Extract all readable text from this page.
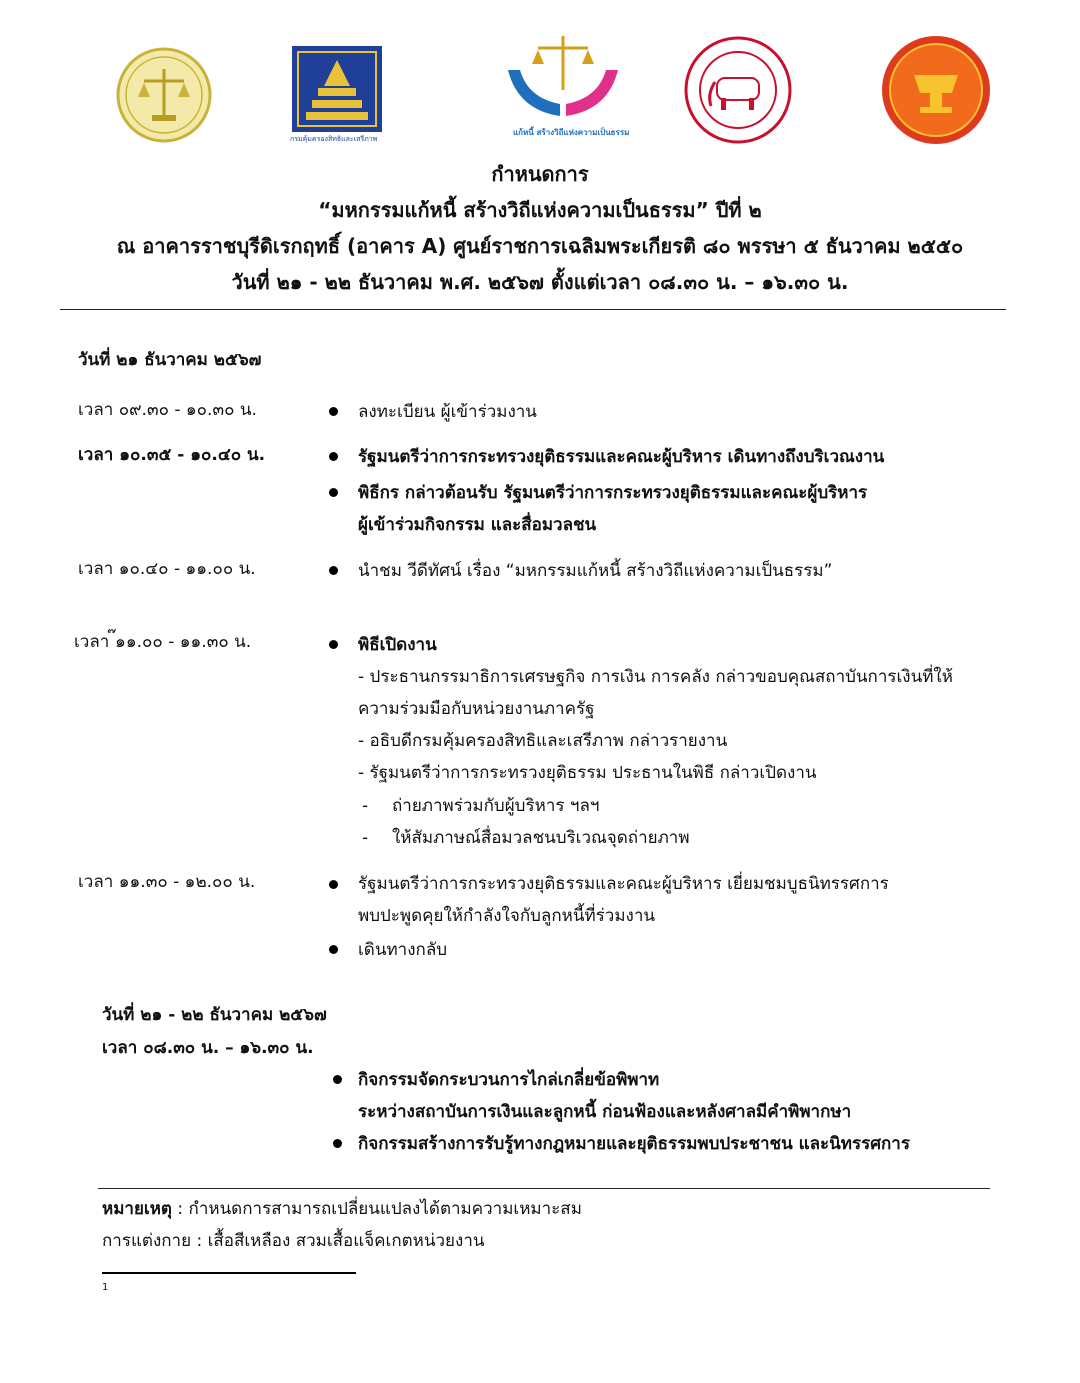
กรมคุ้มครองสิทธิและเสรีภาพ
แก้หนี้ สร้างวิถีแห่งความเป็นธรรม
กำหนดการ
“มหกรรมแก้หนี้ สร้างวิถีแห่งความเป็นธรรม” ปีที่ ๒
ณ อาคารราชบุรีดิเรกฤทธิ์ (อาคาร A) ศูนย์ราชการเฉลิมพระเกียรติ ๘๐ พรรษา ๕ ธันวาคม ๒๕๕๐
วันที่ ๒๑ - ๒๒ ธันวาคม พ.ศ. ๒๕๖๗ ตั้งแต่เวลา ๐๘.๓๐ น. – ๑๖.๓๐ น.
วันที่ ๒๑ ธันวาคม ๒๕๖๗
เวลา ๐๙.๓๐ - ๑๐.๓๐ น.	ลงทะเบียน ผู้เข้าร่วมงาน
เวลา ๑๐.๓๕ - ๑๐.๔๐ น.	รัฐมนตรีว่าการกระทรวงยุติธรรมและคณะผู้บริหาร เดินทางถึงบริเวณงาน
พิธีกร กล่าวต้อนรับ รัฐมนตรีว่าการกระทรวงยุติธรรมและคณะผู้บริหาร
ผู้เข้าร่วมกิจกรรม และสื่อมวลชน
เวลา ๑๐.๔๐ - ๑๑.๐๐ น.	นำชม วีดีทัศน์ เรื่อง “มหกรรมแก้หนี้ สร้างวิถีแห่งความเป็นธรรม”
เวลา ๊๑๑.๐๐ - ๑๑.๓๐ น.	พิธีเปิดงาน
- ประธานกรรมาธิการเศรษฐกิจ การเงิน การคลัง กล่าวขอบคุณสถาบันการเงินที่ให้
ความร่วมมือกับหน่วยงานภาครัฐ
- อธิบดีกรมคุ้มครองสิทธิและเสรีภาพ กล่าวรายงาน
- รัฐมนตรีว่าการกระทรวงยุติธรรม ประธานในพิธี กล่าวเปิดงาน
- ถ่ายภาพร่วมกับผู้บริหาร ฯลฯ
- ให้สัมภาษณ์สื่อมวลชนบริเวณจุดถ่ายภาพ
เวลา ๑๑.๓๐ - ๑๒.๐๐ น.	รัฐมนตรีว่าการกระทรวงยุติธรรมและคณะผู้บริหาร เยี่ยมชมบูธนิทรรศการ
พบปะพูดคุยให้กำลังใจกับลูกหนี้ที่ร่วมงาน
เดินทางกลับ
วันที่ ๒๑ - ๒๒ ธันวาคม ๒๕๖๗
เวลา ๐๘.๓๐ น. – ๑๖.๓๐ น.
กิจกรรมจัดกระบวนการไกล่เกลี่ยข้อพิพาท
ระหว่างสถาบันการเงินและลูกหนี้ ก่อนฟ้องและหลังศาลมีคำพิพากษา
กิจกรรมสร้างการรับรู้ทางกฎหมายและยุติธรรมพบประชาชน และนิทรรศการ
หมายเหตุ : กำหนดการสามารถเปลี่ยนแปลงได้ตามความเหมาะสม
การแต่งกาย : เสื้อสีเหลือง สวมเสื้อแจ็คเกตหน่วยงาน
1
